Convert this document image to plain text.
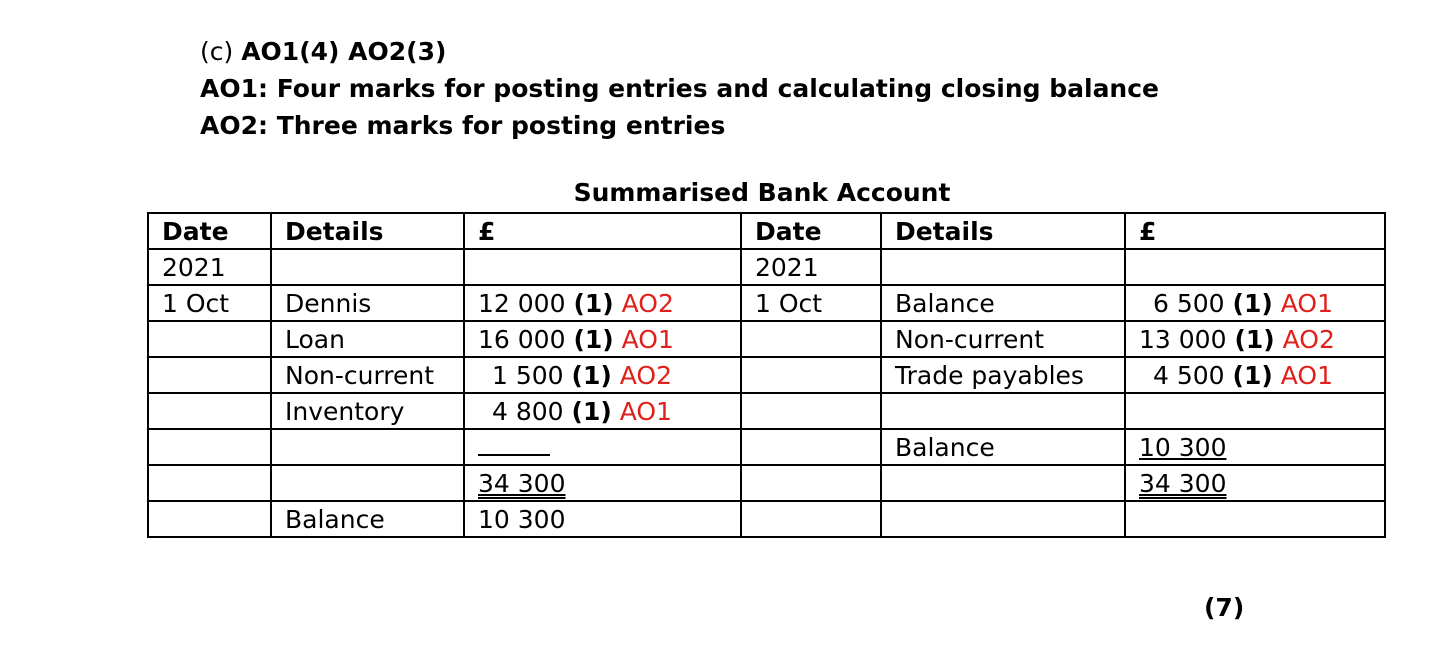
(c) AO1(4) AO2(3)
AO1: Four marks for posting entries and calculating closing balance
AO2: Three marks for posting entries
Summarised Bank Account
Date	Details	£	Date	Details	£
2021			2021		
1 Oct	Dennis	12 000 (1) AO2	1 Oct	Balance	6 500 (1) AO1
	Loan	16 000 (1) AO1		Non-current	13 000 (1) AO2
	Non-current	1 500 (1) AO2		Trade payables	4 500 (1) AO1
	Inventory	4 800 (1) AO1			
				Balance	10 300
		34 300			34 300
	Balance	10 300			
(7)
